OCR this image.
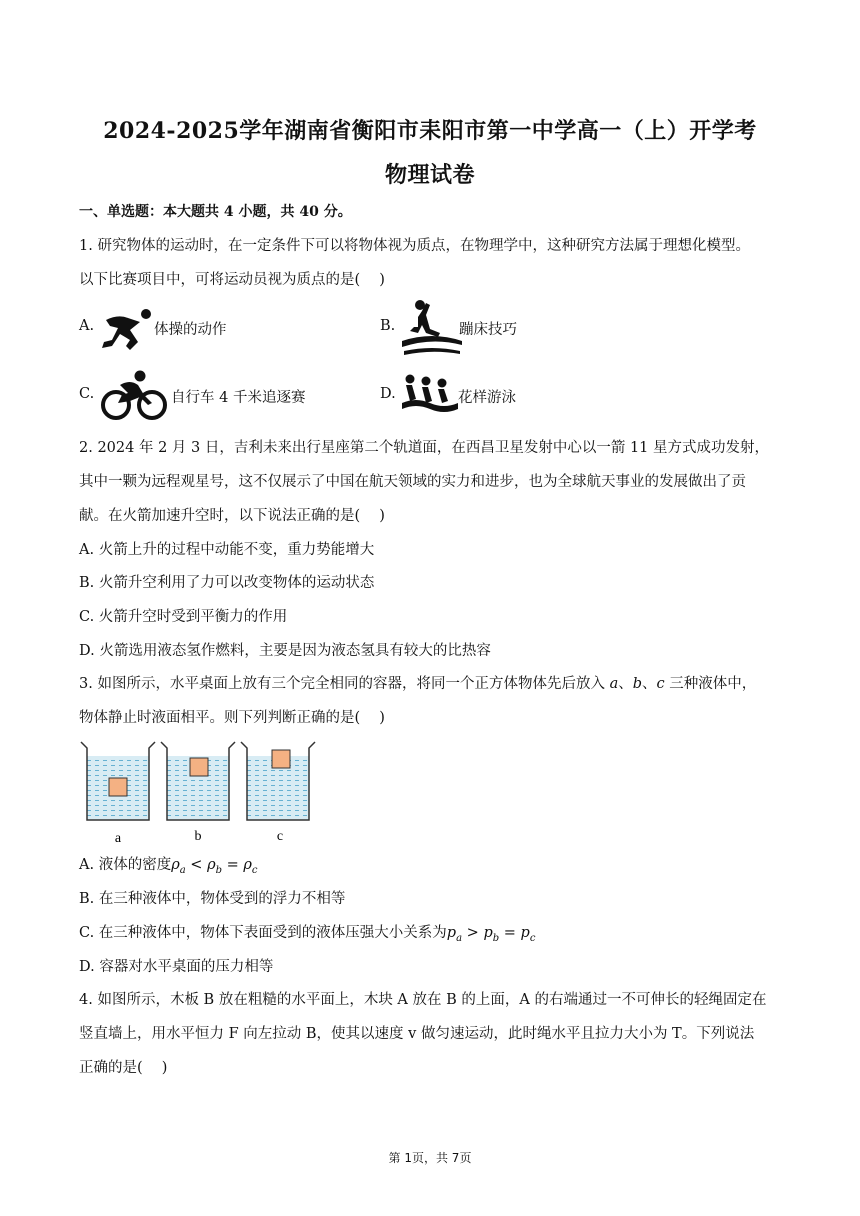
2024-2025学年湖南省衡阳市耒阳市第一中学高一（上）开学考
物理试卷
一、单选题：本大题共 4 小题，共 40 分。
1. 研究物体的运动时，在一定条件下可以将物体视为质点，在物理学中，这种研究方法属于理想化模型。
以下比赛项目中，可将运动员视为质点的是(　 )
A.	体操的动作	B.	蹦床技巧
C.	自行车 4 千米追逐赛	D.	花样游泳
2. 2024 年 2 月 3 日，吉利未来出行星座第二个轨道面，在西昌卫星发射中心以一箭 11 星方式成功发射，
其中一颗为远程观星号，这不仅展示了中国在航天领域的实力和进步，也为全球航天事业的发展做出了贡
献。在火箭加速升空时，以下说法正确的是(　 )
A. 火箭上升的过程中动能不变，重力势能增大
B. 火箭升空利用了力可以改变物体的运动状态
C. 火箭升空时受到平衡力的作用
D. 火箭选用液态氢作燃料，主要是因为液态氢具有较大的比热容
3. 如图所示，水平桌面上放有三个完全相同的容器，将同一个正方体物体先后放入 a、b、c 三种液体中，
物体静止时液面相平。则下列判断正确的是(　 )
a	b	c
A. 液体的密度$\rho_a < \rho_b = \rho_c$
B. 在三种液体中，物体受到的浮力不相等
C. 在三种液体中，物体下表面受到的液体压强大小关系为$p_a > p_b = p_c$
D. 容器对水平桌面的压力相等
4. 如图所示，木板 B 放在粗糙的水平面上，木块 A 放在 B 的上面，A 的右端通过一不可伸长的轻绳固定在
竖直墙上，用水平恒力 F 向左拉动 B，使其以速度 v 做匀速运动，此时绳水平且拉力大小为 T。下列说法
正确的是(　 )
第 1页，共 7页
